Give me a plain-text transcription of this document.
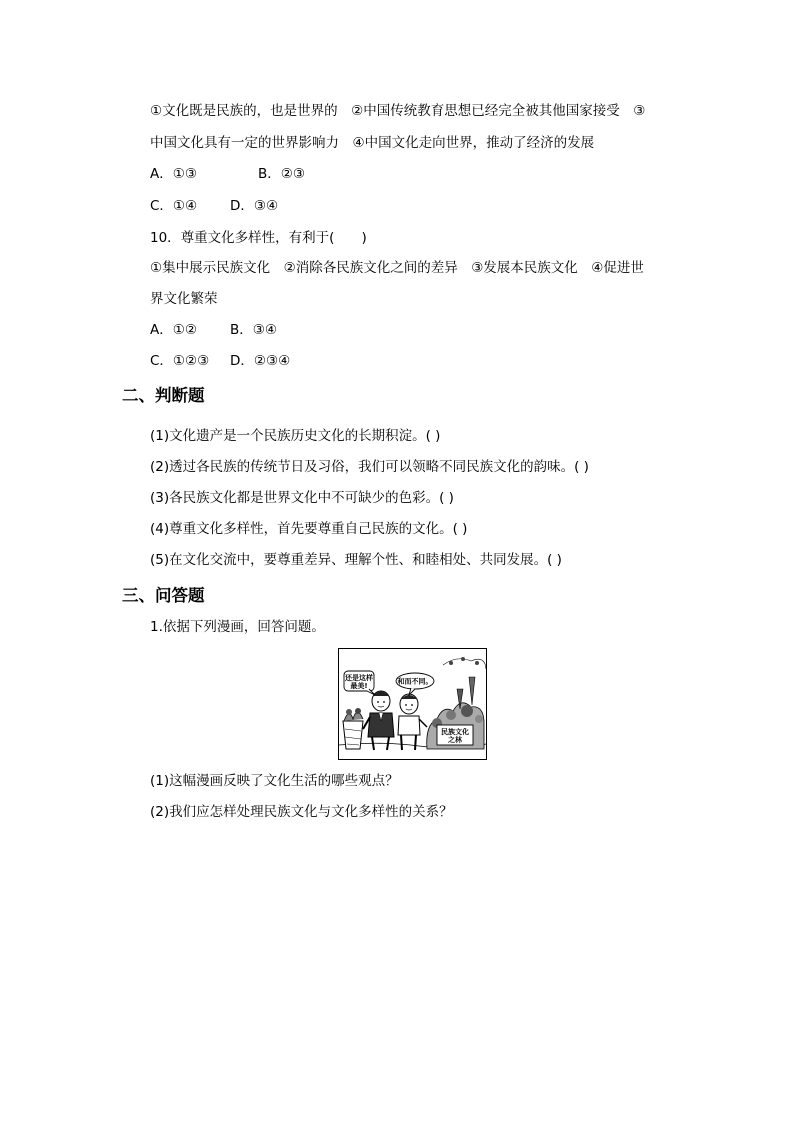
①文化既是民族的，也是世界的　②中国传统教育思想已经完全被其他国家接受　③
中国文化具有一定的世界影响力　④中国文化走向世界，推动了经济的发展
A．①③	B．②③
C．①④ D．③④
10．尊重文化多样性，有利于(　　)
①集中展示民族文化　②消除各民族文化之间的差异　③发展本民族文化　④促进世
界文化繁荣
A．①② B．③④
C．①②③ D．②③④
二、判断题
(1)文化遗产是一个民族历史文化的长期积淀。( )
(2)透过各民族的传统节日及习俗，我们可以领略不同民族文化的韵味。( )
(3)各民族文化都是世界文化中不可缺少的色彩。( )
(4)尊重文化多样性，首先要尊重自己民族的文化。( )
(5)在文化交流中，要尊重差异、理解个性、和睦相处、共同发展。( )
三、问答题
1.依据下列漫画，回答问题。
民族文化
之林
还是这样
最美!
和而不同。
(1)这幅漫画反映了文化生活的哪些观点？
(2)我们应怎样处理民族文化与文化多样性的关系？
